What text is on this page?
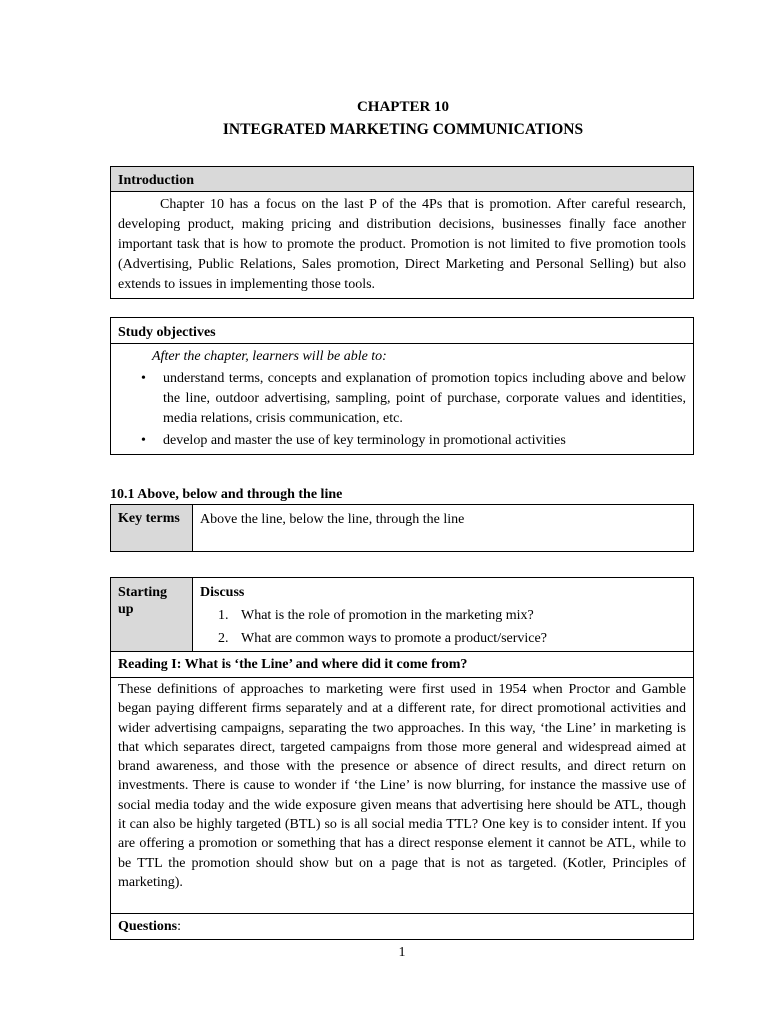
CHAPTER 10
INTEGRATED MARKETING COMMUNICATIONS
Introduction

Chapter 10 has a focus on the last P of the 4Ps that is promotion. After careful research, developing product, making pricing and distribution decisions, businesses finally face another important task that is how to promote the product. Promotion is not limited to five promotion tools (Advertising, Public Relations, Sales promotion, Direct Marketing and Personal Selling) but also extends to issues in implementing those tools.

Study objectives
After the chapter, learners will be able to:
• understand terms, concepts and explanation of promotion topics including above and below the line, outdoor advertising, sampling, point of purchase, corporate values and identities, media relations, crisis communication, etc.
• develop and master the use of key terminology in promotional activities
10.1 Above, below and through the line
Key terms	Above the line, below the line, through the line
Starting up
Discuss
1. What is the role of promotion in the marketing mix?
2. What are common ways to promote a product/service?
Reading I: What is ‘the Line’ and where did it come from?

These definitions of approaches to marketing were first used in 1954 when Proctor and Gamble began paying different firms separately and at a different rate, for direct promotional activities and wider advertising campaigns, separating the two approaches. In this way, ‘the Line’ in marketing is that which separates direct, targeted campaigns from those more general and widespread aimed at brand awareness, and those with the presence or absence of direct results, and direct return on investments. There is cause to wonder if ‘the Line’ is now blurring, for instance the massive use of social media today and the wide exposure given means that advertising here should be ATL, though it can also be highly targeted (BTL) so is all social media TTL? One key is to consider intent. If you are offering a promotion or something that has a direct response element it cannot be ATL, while to be TTL the promotion should show but on a page that is not as targeted. (Kotler, Principles of marketing).

Questions:
1
